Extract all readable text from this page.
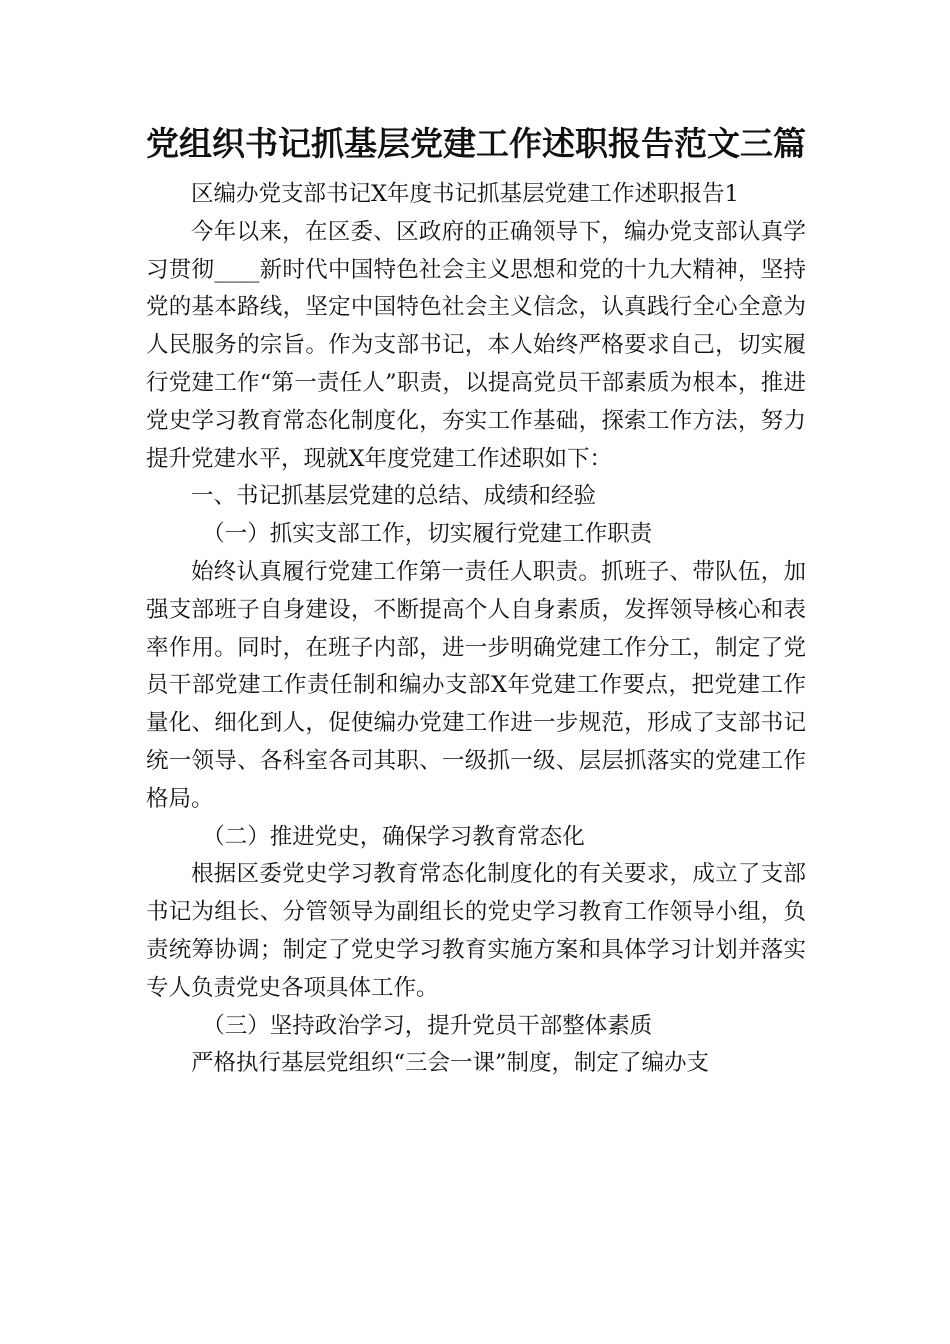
党组织书记抓基层党建工作述职报告范文三篇

区编办党支部书记X年度书记抓基层党建工作述职报告1

今年以来，在区委、区政府的正确领导下，编办党支部认真学习贯彻____新时代中国特色社会主义思想和党的十九大精神，坚持党的基本路线，坚定中国特色社会主义信念，认真践行全心全意为人民服务的宗旨。作为支部书记，本人始终严格要求自己，切实履行党建工作“第一责任人”职责，以提高党员干部素质为根本，推进党史学习教育常态化制度化，夯实工作基础，探索工作方法，努力提升党建水平，现就X年度党建工作述职如下：

一、书记抓基层党建的总结、成绩和经验

（一）抓实支部工作，切实履行党建工作职责

始终认真履行党建工作第一责任人职责。抓班子、带队伍，加强支部班子自身建设，不断提高个人自身素质，发挥领导核心和表率作用。同时，在班子内部，进一步明确党建工作分工，制定了党员干部党建工作责任制和编办支部X年党建工作要点，把党建工作量化、细化到人，促使编办党建工作进一步规范，形成了支部书记统一领导、各科室各司其职、一级抓一级、层层抓落实的党建工作格局。

（二）推进党史，确保学习教育常态化

根据区委党史学习教育常态化制度化的有关要求，成立了支部书记为组长、分管领导为副组长的党史学习教育工作领导小组，负责统筹协调；制定了党史学习教育实施方案和具体学习计划并落实专人负责党史各项具体工作。

（三）坚持政治学习，提升党员干部整体素质

严格执行基层党组织“三会一课”制度，制定了编办支
